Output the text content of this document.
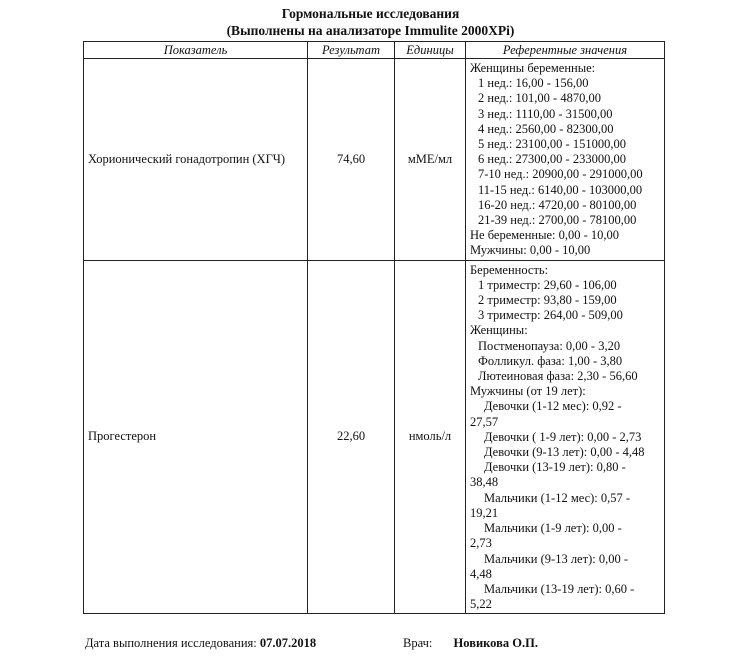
Гормональные исследования
(Выполнены на анализаторе Immulite 2000XPi)
Показатель	Результат	Единицы	Референтные значения
Хорионический гонадотропин (ХГЧ)	74,60	мМЕ/мл	
Женщины беременные:
1 нед.: 16,00 - 156,00
2 нед.: 101,00 - 4870,00
3 нед.: 1110,00 - 31500,00
4 нед.: 2560,00 - 82300,00
5 нед.: 23100,00 - 151000,00
6 нед.: 27300,00 - 233000,00
7-10 нед.: 20900,00 - 291000,00
11-15 нед.: 6140,00 - 103000,00
16-20 нед.: 4720,00 - 80100,00
21-39 нед.: 2700,00 - 78100,00
Не беременные: 0,00 - 10,00
Мужчины: 0,00 - 10,00

Прогестерон	22,60	нмоль/л	
Беременность:
1 триместр: 29,60 - 106,00
2 триместр: 93,80 - 159,00
3 триместр: 264,00 - 509,00
Женщины:
Постменопауза: 0,00 - 3,20
Фолликул. фаза: 1,00 - 3,80
Лютеиновая фаза: 2,30 - 56,60
Мужчины (от 19 лет):
Девочки (1-12 мес): 0,92 -
27,57
Девочки ( 1-9 лет): 0,00 - 2,73
Девочки (9-13 лет): 0,00 - 4,48
Девочки (13-19 лет): 0,80 -
38,48
Мальчики (1-12 мес): 0,57 -
19,21
Мальчики (1-9 лет): 0,00 -
2,73
Мальчики (9-13 лет): 0,00 -
4,48
Мальчики (13-19 лет): 0,60 -
5,22
Дата выполнения исследования: 07.07.2018	Врач: Новикова О.П.
